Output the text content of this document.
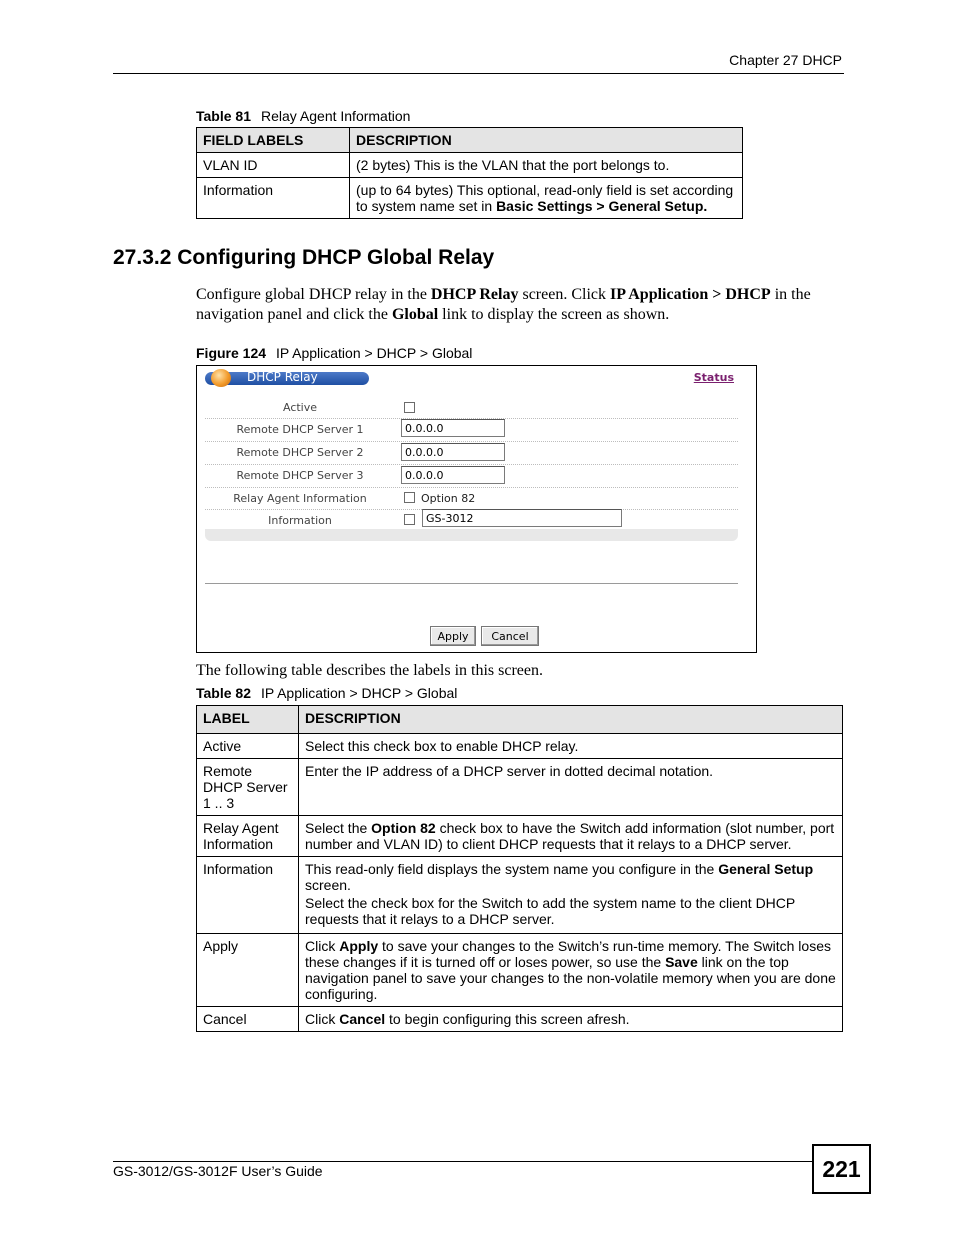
Chapter 27 DHCP
Table 81 Relay Agent Information
FIELD LABELS	DESCRIPTION
VLAN ID	(2 bytes) This is the VLAN that the port belongs to.
Information	(up to 64 bytes) This optional, read-only field is set according to system name set in Basic Settings > General Setup.
27.3.2 Configuring DHCP Global Relay
Configure global DHCP relay in the DHCP Relay screen. Click IP Application > DHCP in the navigation panel and click the Global link to display the screen as shown.
Figure 124 IP Application > DHCP > Global
DHCP Relay	Status
Active
Remote DHCP Server 1	0.0.0.0
Remote DHCP Server 2	0.0.0.0
Remote DHCP Server 3	0.0.0.0
Relay Agent Information	Option 82
Information	GS-3012
Apply	Cancel
The following table describes the labels in this screen.
Table 82 IP Application > DHCP > Global
LABEL	DESCRIPTION
Active	Select this check box to enable DHCP relay.
Remote DHCP Server 1 .. 3	Enter the IP address of a DHCP server in dotted decimal notation.
Relay Agent Information	Select the Option 82 check box to have the Switch add information (slot number, port number and VLAN ID) to client DHCP requests that it relays to a DHCP server.
Information	This read-only field displays the system name you configure in the General Setup screen.

Select the check box for the Switch to add the system name to the client DHCP requests that it relays to a DHCP server.

Apply	Click Apply to save your changes to the Switch’s run-time memory. The Switch loses these changes if it is turned off or loses power, so use the Save link on the top navigation panel to save your changes to the non-volatile memory when you are done configuring.
Cancel	Click Cancel to begin configuring this screen afresh.
GS-3012/GS-3012F User’s Guide	221
